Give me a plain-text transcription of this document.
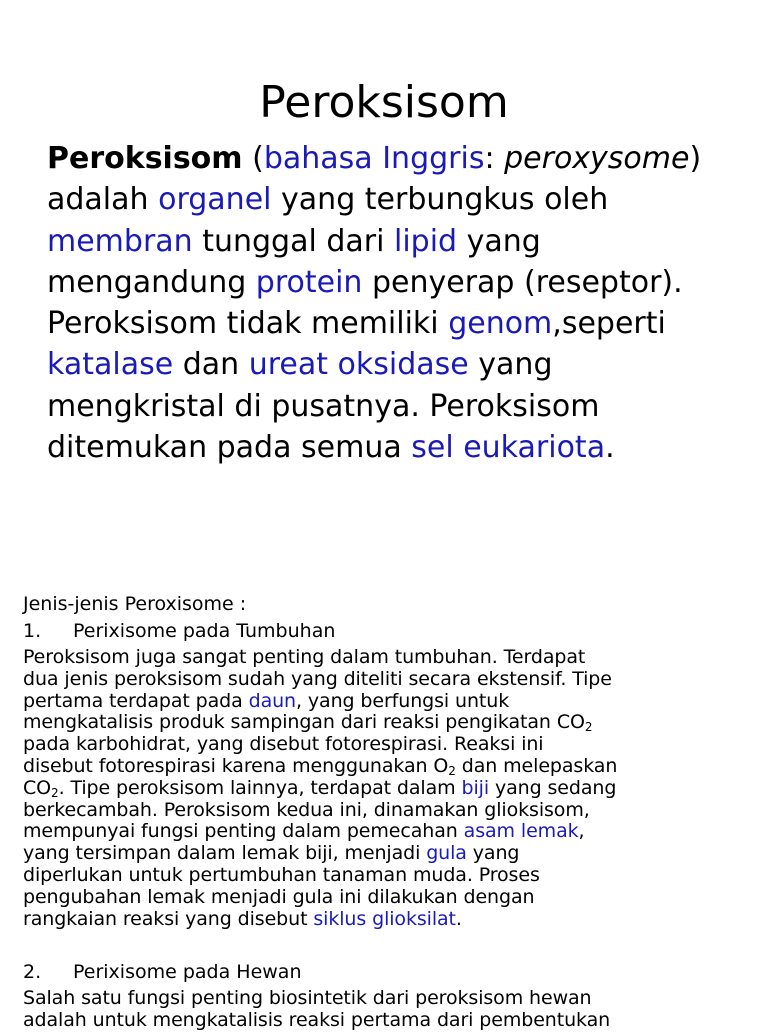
Peroksisom
Peroksisom (bahasa Inggris: peroxysome) adalah organel yang terbungkus oleh membran tunggal dari lipid yang mengandung protein penyerap (reseptor). Peroksisom tidak memiliki genom,seperti katalase dan ureat oksidase yang mengkristal di pusatnya. Peroksisom ditemukan pada semua sel eukariota.
Jenis-jenis Peroxisome :
1. Perixisome pada Tumbuhan
Peroksisom juga sangat penting dalam tumbuhan. Terdapat
dua jenis peroksisom sudah yang diteliti secara ekstensif. Tipe
pertama terdapat pada daun, yang berfungsi untuk
mengkatalisis produk sampingan dari reaksi pengikatan $CO_2$
pada karbohidrat, yang disebut fotorespirasi. Reaksi ini
disebut fotorespirasi karena menggunakan $O_2$ dan melepaskan
$CO_2$. Tipe peroksisom lainnya, terdapat dalam biji yang sedang
berkecambah. Peroksisom kedua ini, dinamakan glioksisom,
mempunyai fungsi penting dalam pemecahan asam lemak,
yang tersimpan dalam lemak biji, menjadi gula yang
diperlukan untuk pertumbuhan tanaman muda. Proses
pengubahan lemak menjadi gula ini dilakukan dengan
rangkaian reaksi yang disebut siklus glioksilat.
2. Perixisome pada Hewan
Salah satu fungsi penting biosintetik dari peroksisom hewan
adalah untuk mengkatalisis reaksi pertama dari pembentukan
